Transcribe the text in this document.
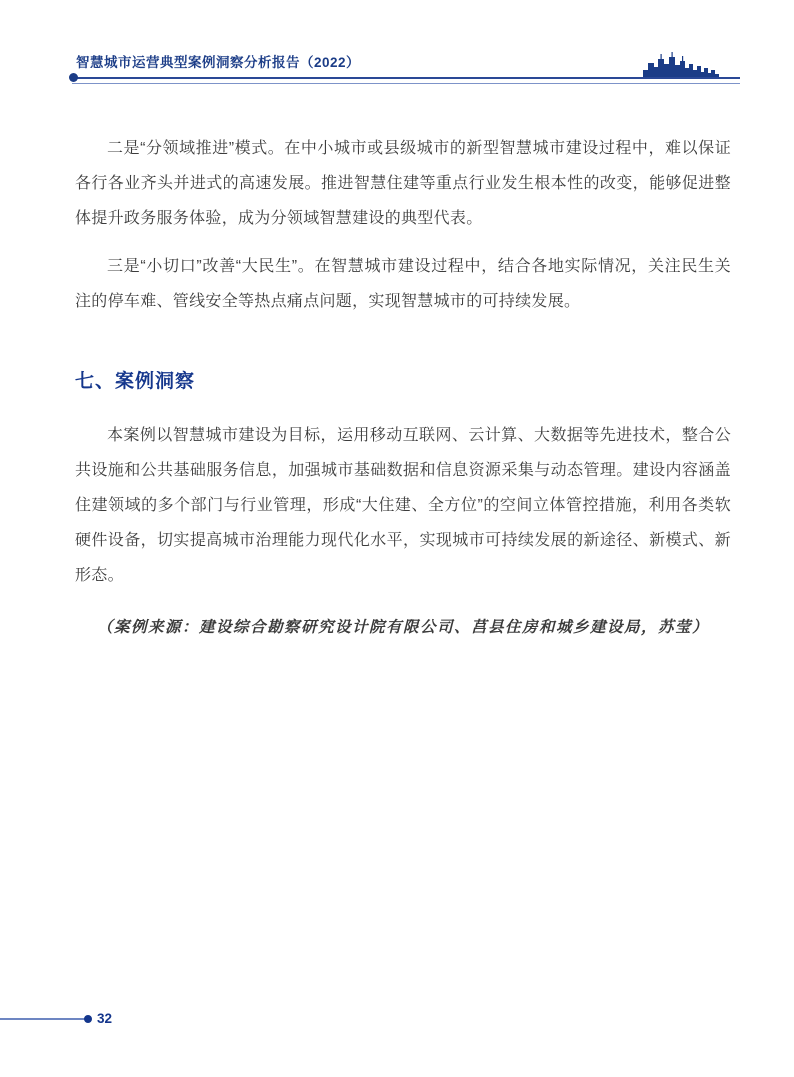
智慧城市运营典型案例洞察分析报告（2022）

二是“分领域推进”模式。在中小城市或县级城市的新型智慧城市建设过程中，难以保证各行各业齐头并进式的高速发展。推进智慧住建等重点行业发生根本性的改变，能够促进整体提升政务服务体验，成为分领域智慧建设的典型代表。

三是“小切口”改善“大民生”。在智慧城市建设过程中，结合各地实际情况，关注民生关注的停车难、管线安全等热点痛点问题，实现智慧城市的可持续发展。

七、案例洞察

本案例以智慧城市建设为目标，运用移动互联网、云计算、大数据等先进技术，整合公共设施和公共基础服务信息，加强城市基础数据和信息资源采集与动态管理。建设内容涵盖住建领域的多个部门与行业管理，形成“大住建、全方位”的空间立体管控措施，利用各类软硬件设备，切实提高城市治理能力现代化水平，实现城市可持续发展的新途径、新模式、新形态。

（案例来源：建设综合勘察研究设计院有限公司、莒县住房和城乡建设局，苏莹）

32
